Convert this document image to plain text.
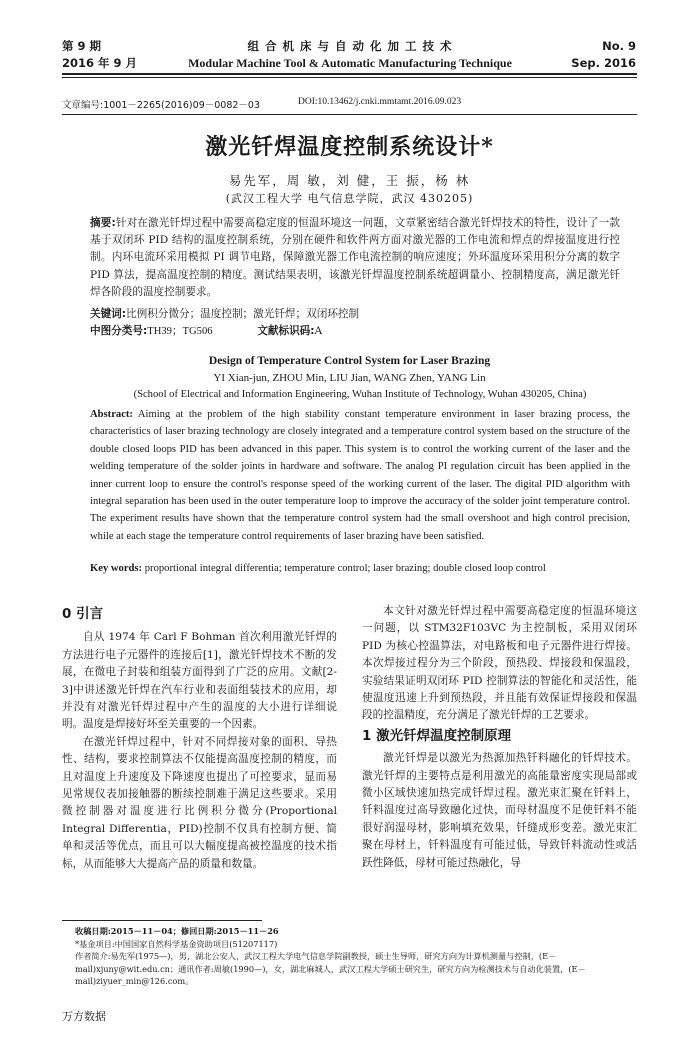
第 9 期
2016 年 9 月
组 合 机 床 与 自 动 化 加 工 技 术
Modular Machine Tool & Automatic Manufacturing Technique
No. 9
Sep. 2016
文章编号:1001－2265(2016)09－0082－03	DOI:10.13462/j.cnki.mmtamt.2016.09.023
激光钎焊温度控制系统设计*
易先军，周 敏，刘 健，王 振，杨 林
(武汉工程大学 电气信息学院，武汉 430205)
摘要:针对在激光钎焊过程中需要高稳定度的恒温环境这一问题，文章紧密结合激光钎焊技术的特性，设计了一款基于双闭环 PID 结构的温度控制系统，分别在硬件和软件两方面对激光器的工作电流和焊点的焊接温度进行控制。内环电流环采用模拟 PI 调节电路，保障激光器工作电流控制的响应速度；外环温度环采用积分分离的数字 PID 算法，提高温度控制的精度。测试结果表明，该激光钎焊温度控制系统超调量小、控制精度高，满足激光钎焊各阶段的温度控制要求。
关键词:比例积分微分；温度控制；激光钎焊；双闭环控制
中图分类号:TH39；TG506	文献标识码:A
Design of Temperature Control System for Laser Brazing
YI Xian-jun, ZHOU Min, LIU Jian, WANG Zhen, YANG Lin
(School of Electrical and Information Engineering, Wuhan Institute of Technology, Wuhan 430205, China)
Abstract: Aiming at the problem of the high stability constant temperature environment in laser brazing process, the characteristics of laser brazing technology are closely integrated and a temperature control system based on the structure of the double closed loops PID has been advanced in this paper. This system is to control the working current of the laser and the welding temperature of the solder joints in hardware and software. The analog PI regulation circuit has been applied in the inner current loop to ensure the control's response speed of the working current of the laser. The digital PID algorithm with integral separation has been used in the outer temperature loop to improve the accuracy of the solder joint temperature control. The experiment results have shown that the temperature control system had the small overshoot and high control precision, while at each stage the temperature control requirements of laser brazing have been satisfied.
Key words: proportional integral differentia; temperature control; laser brazing; double closed loop control
0 引言

自从 1974 年 Carl F Bohman 首次利用激光钎焊的方法进行电子元器件的连接后[1]，激光钎焊技术不断的发展，在微电子封装和组装方面得到了广泛的应用。文献[2-3]中讲述激光钎焊在汽车行业和表面组装技术的应用，却并没有对激光钎焊过程中产生的温度的大小进行详细说明。温度是焊接好坏至关重要的一个因素。

在激光钎焊过程中，针对不同焊接对象的面积、导热性、结构，要求控制算法不仅能提高温度控制的精度，而且对温度上升速度及下降速度也提出了可控要求，显而易见常规仪表加接触器的断续控制难于满足这些要求。采用微控制器对温度进行比例积分微分(Proportional Integral Differentia，PID)控制不仅具有控制方便、简单和灵活等优点，而且可以大幅度提高被控温度的技术指标，从而能够大大提高产品的质量和数量。

本文针对激光钎焊过程中需要高稳定度的恒温环境这一问题，以 STM32F103VC 为主控制板，采用双闭环 PID 为核心控温算法，对电路板和电子元器件进行焊接。本次焊接过程分为三个阶段，预热段、焊接段和保温段，实验结果证明双闭环 PID 控制算法的智能化和灵活性，能使温度迅速上升到预热段，并且能有效保证焊接段和保温段的控温精度，充分满足了激光钎焊的工艺要求。

1 激光钎焊温度控制原理

激光钎焊是以激光为热源加热钎料融化的钎焊技术。激光钎焊的主要特点是利用激光的高能量密度实现局部或微小区域快速加热完成钎焊过程。激光束汇聚在钎料上，钎料温度过高导致融化过快，而母材温度不足使钎料不能很好润湿母材，影响填充效果，钎缝成形变差。激光束汇聚在母材上，钎料温度有可能过低，导致钎料流动性或活跃性降低，母材可能过热融化，导

收稿日期:2015－11－04；修回日期:2015－11－26
*基金项目:中国国家自然科学基金资助项目(51207117)
作者简介:易先军(1975—)，男，湖北公安人，武汉工程大学电气信息学院副教授，硕士生导师，研究方向为计算机测量与控制，(E－mail)xjuny@wit.edu.cn；通讯作者:周敏(1990—)，女，湖北麻城人，武汉工程大学硕士研究生，研究方向为检测技术与自动化装置，(E－mail)ziyuer_min@126.com。
万方数据
